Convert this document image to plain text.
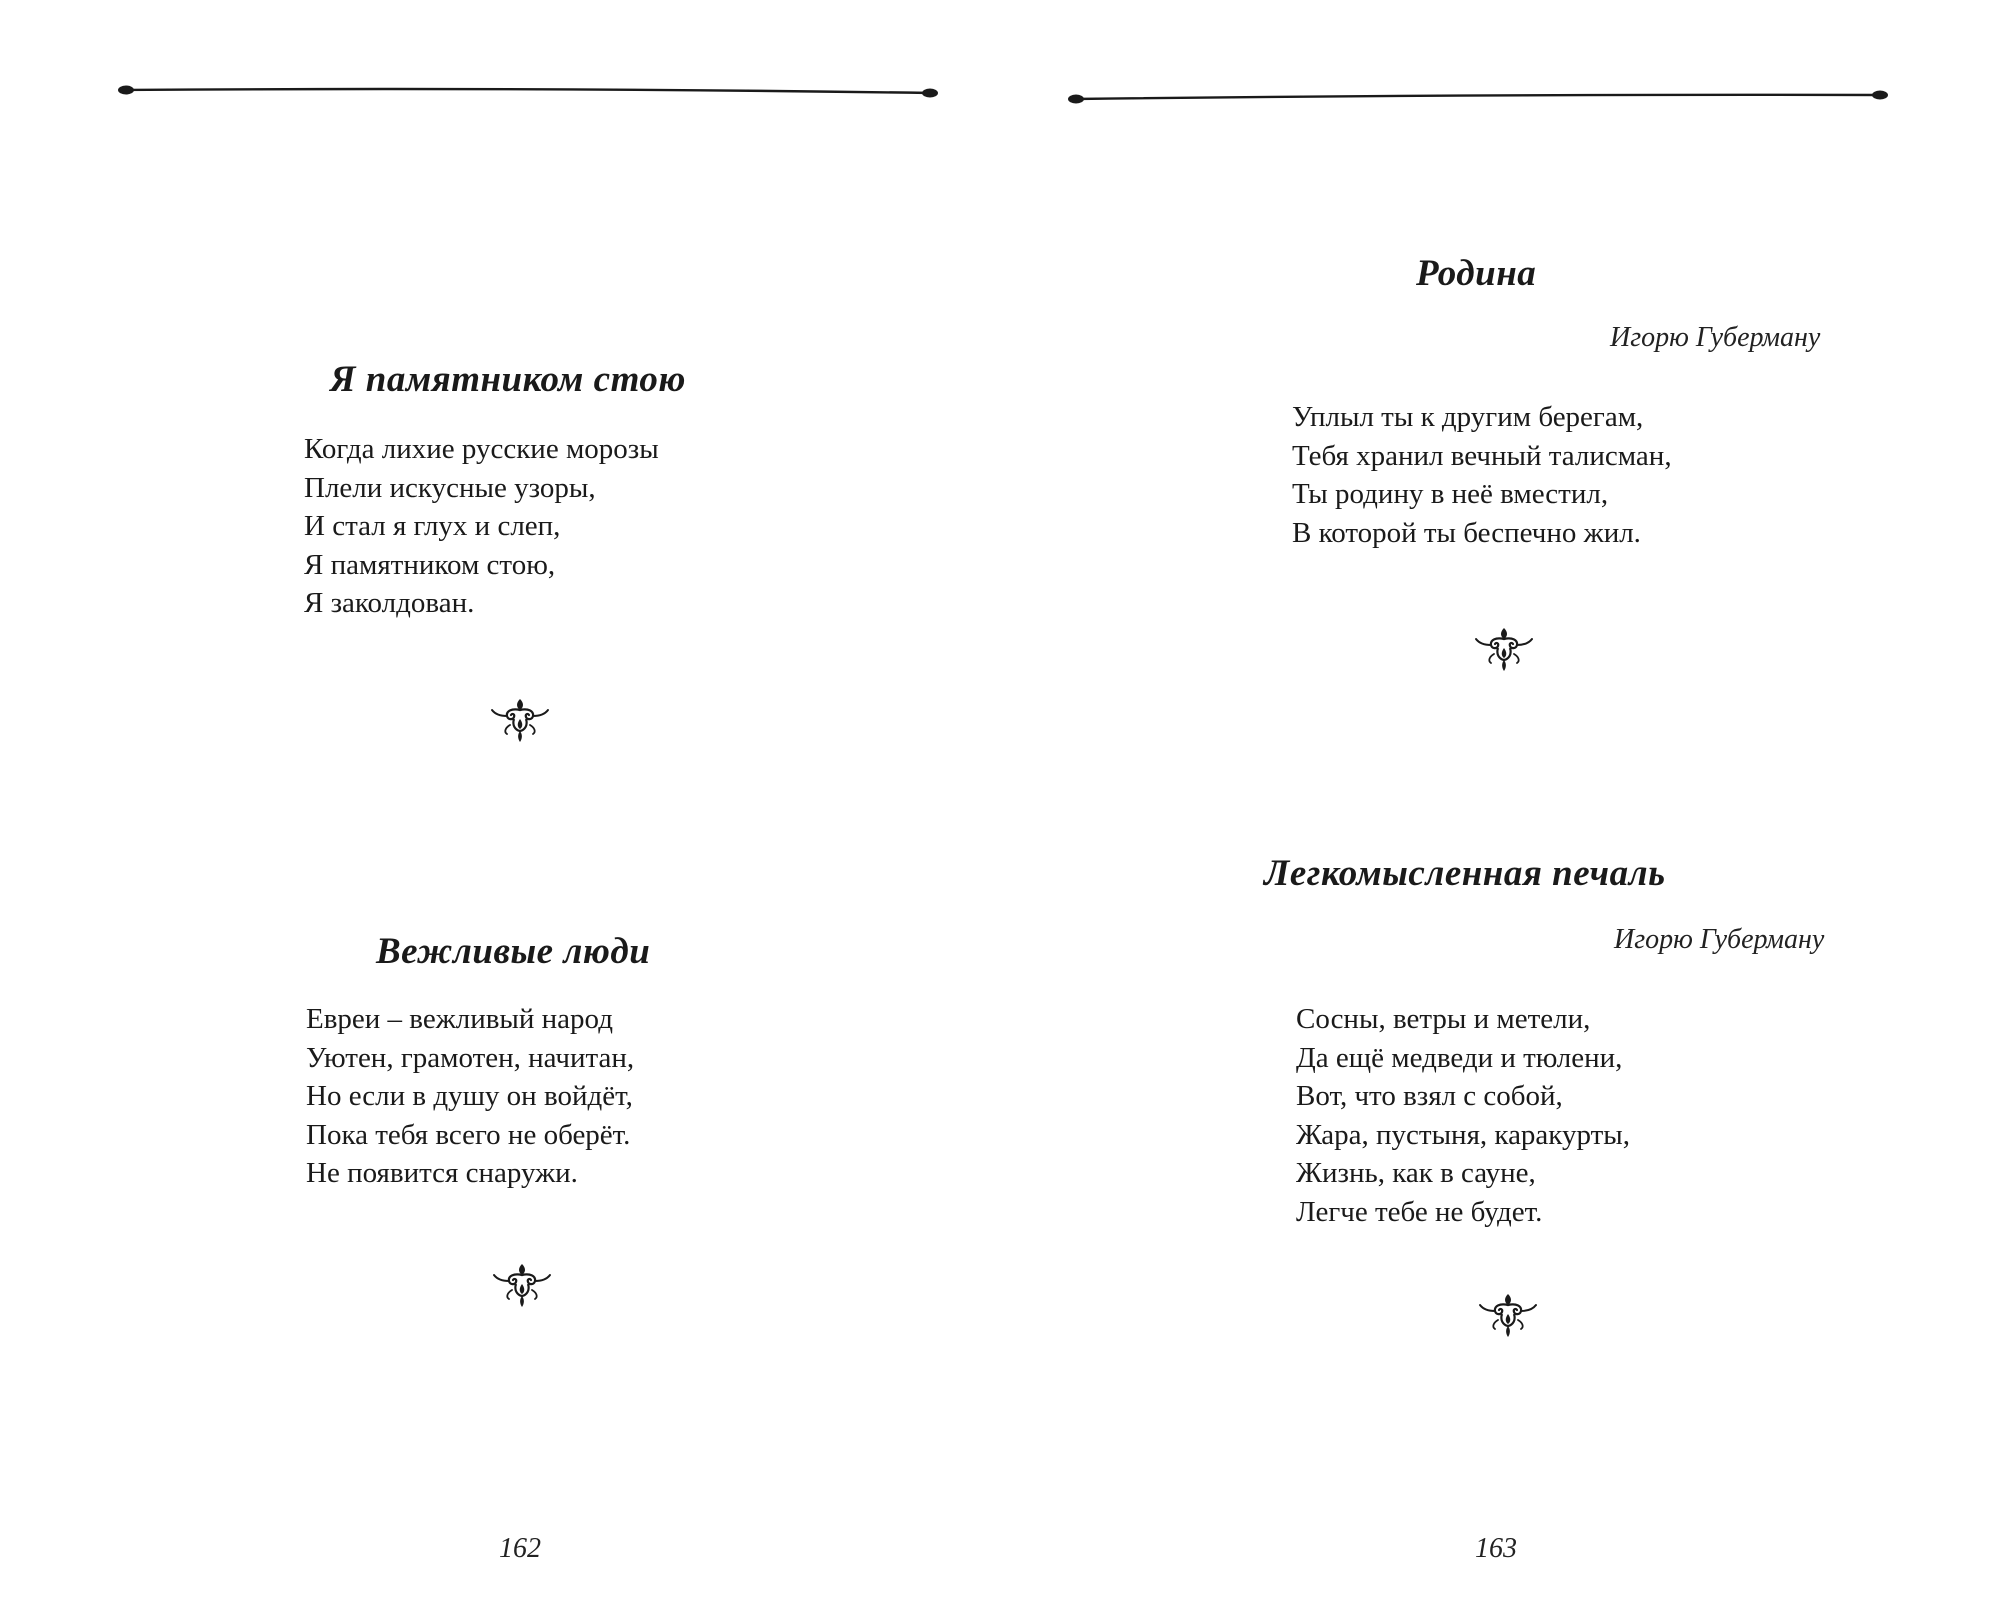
Я памятником стою
Когда лихие русские морозы
Плели искусные узоры,
И стал я глух и слеп,
Я памятником стою,
Я заколдован.
Вежливые люди
Евреи – вежливый народ
Уютен, грамотен, начитан,
Но если в душу он войдёт,
Пока тебя всего не оберёт.
Не появится снаружи.

162

Родина

Игорю Губерману

Уплыл ты к другим берегам,
Тебя хранил вечный талисман,
Ты родину в неё вместил,
В которой ты беспечно жил.
Легкомысленная печаль

Игорю Губерману

Сосны, ветры и метели,
Да ещё медведи и тюлени,
Вот, что взял с собой,
Жара, пустыня, каракурты,
Жизнь, как в сауне,
Легче тебе не будет.

163
